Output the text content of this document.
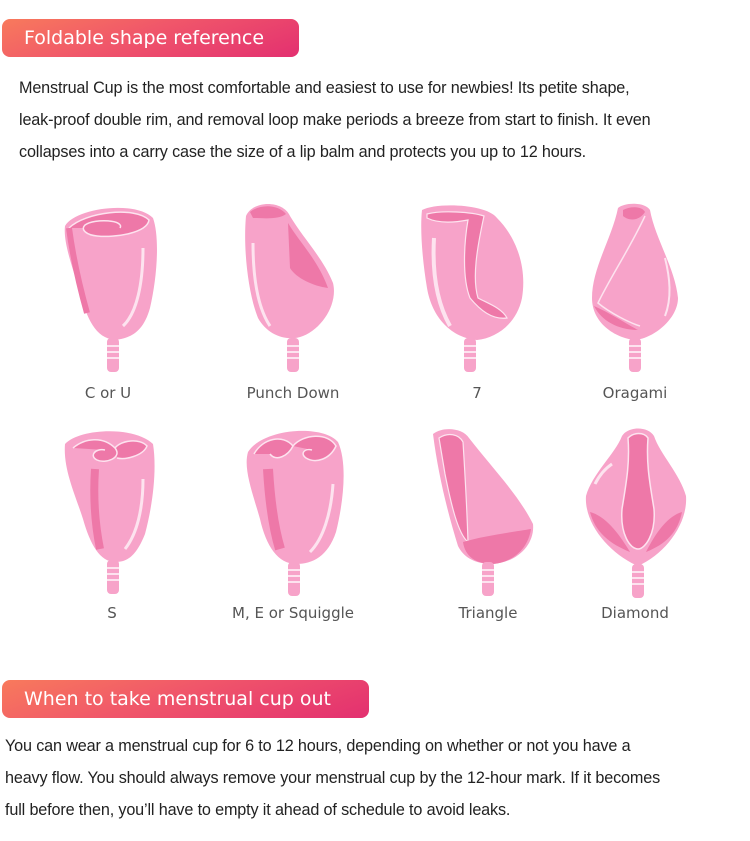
Foldable shape reference
Menstrual Cup is the most comfortable and easiest to use for newbies! Its petite shape,
leak-proof double rim, and removal loop make periods a breeze from start to finish. It even
collapses into a carry case the size of a lip balm and protects you up to 12 hours.
C or U	Punch Down	7	Oragami
S	M, E or Squiggle	Triangle	Diamond
When to take menstrual cup out
You can wear a menstrual cup for 6 to 12 hours, depending on whether or not you have a
heavy flow. You should always remove your menstrual cup by the 12-hour mark. If it becomes
full before then, you’ll have to empty it ahead of schedule to avoid leaks.
